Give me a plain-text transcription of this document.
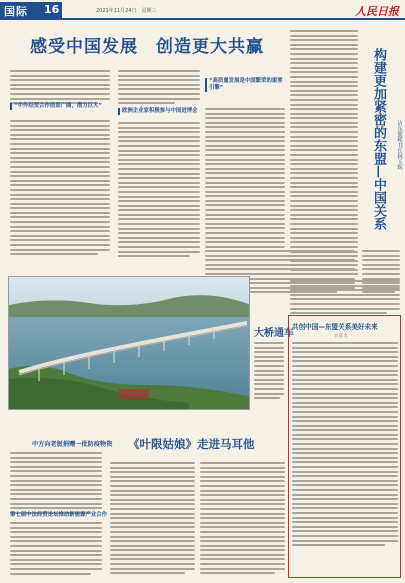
国际 16	2021年11月24日　星期三	人民日报
感受中国发展　创造更大共赢
“中外经贸合作前景广阔，潜力巨大”
欧洲企业家积极参与中国进博会
“高质量发展是中国繁荣的重要引擎”	构建更加紧密的东盟—中国关系	访东盟秘书长林玉辉
大桥通车
《叶限姑娘》走进马耳他
中方向老挝捐赠一批防疫物资
第七届中法经贸论坛推动新能源产业合作
共创中国—东盟关系美好未来
刘 晨 哲
